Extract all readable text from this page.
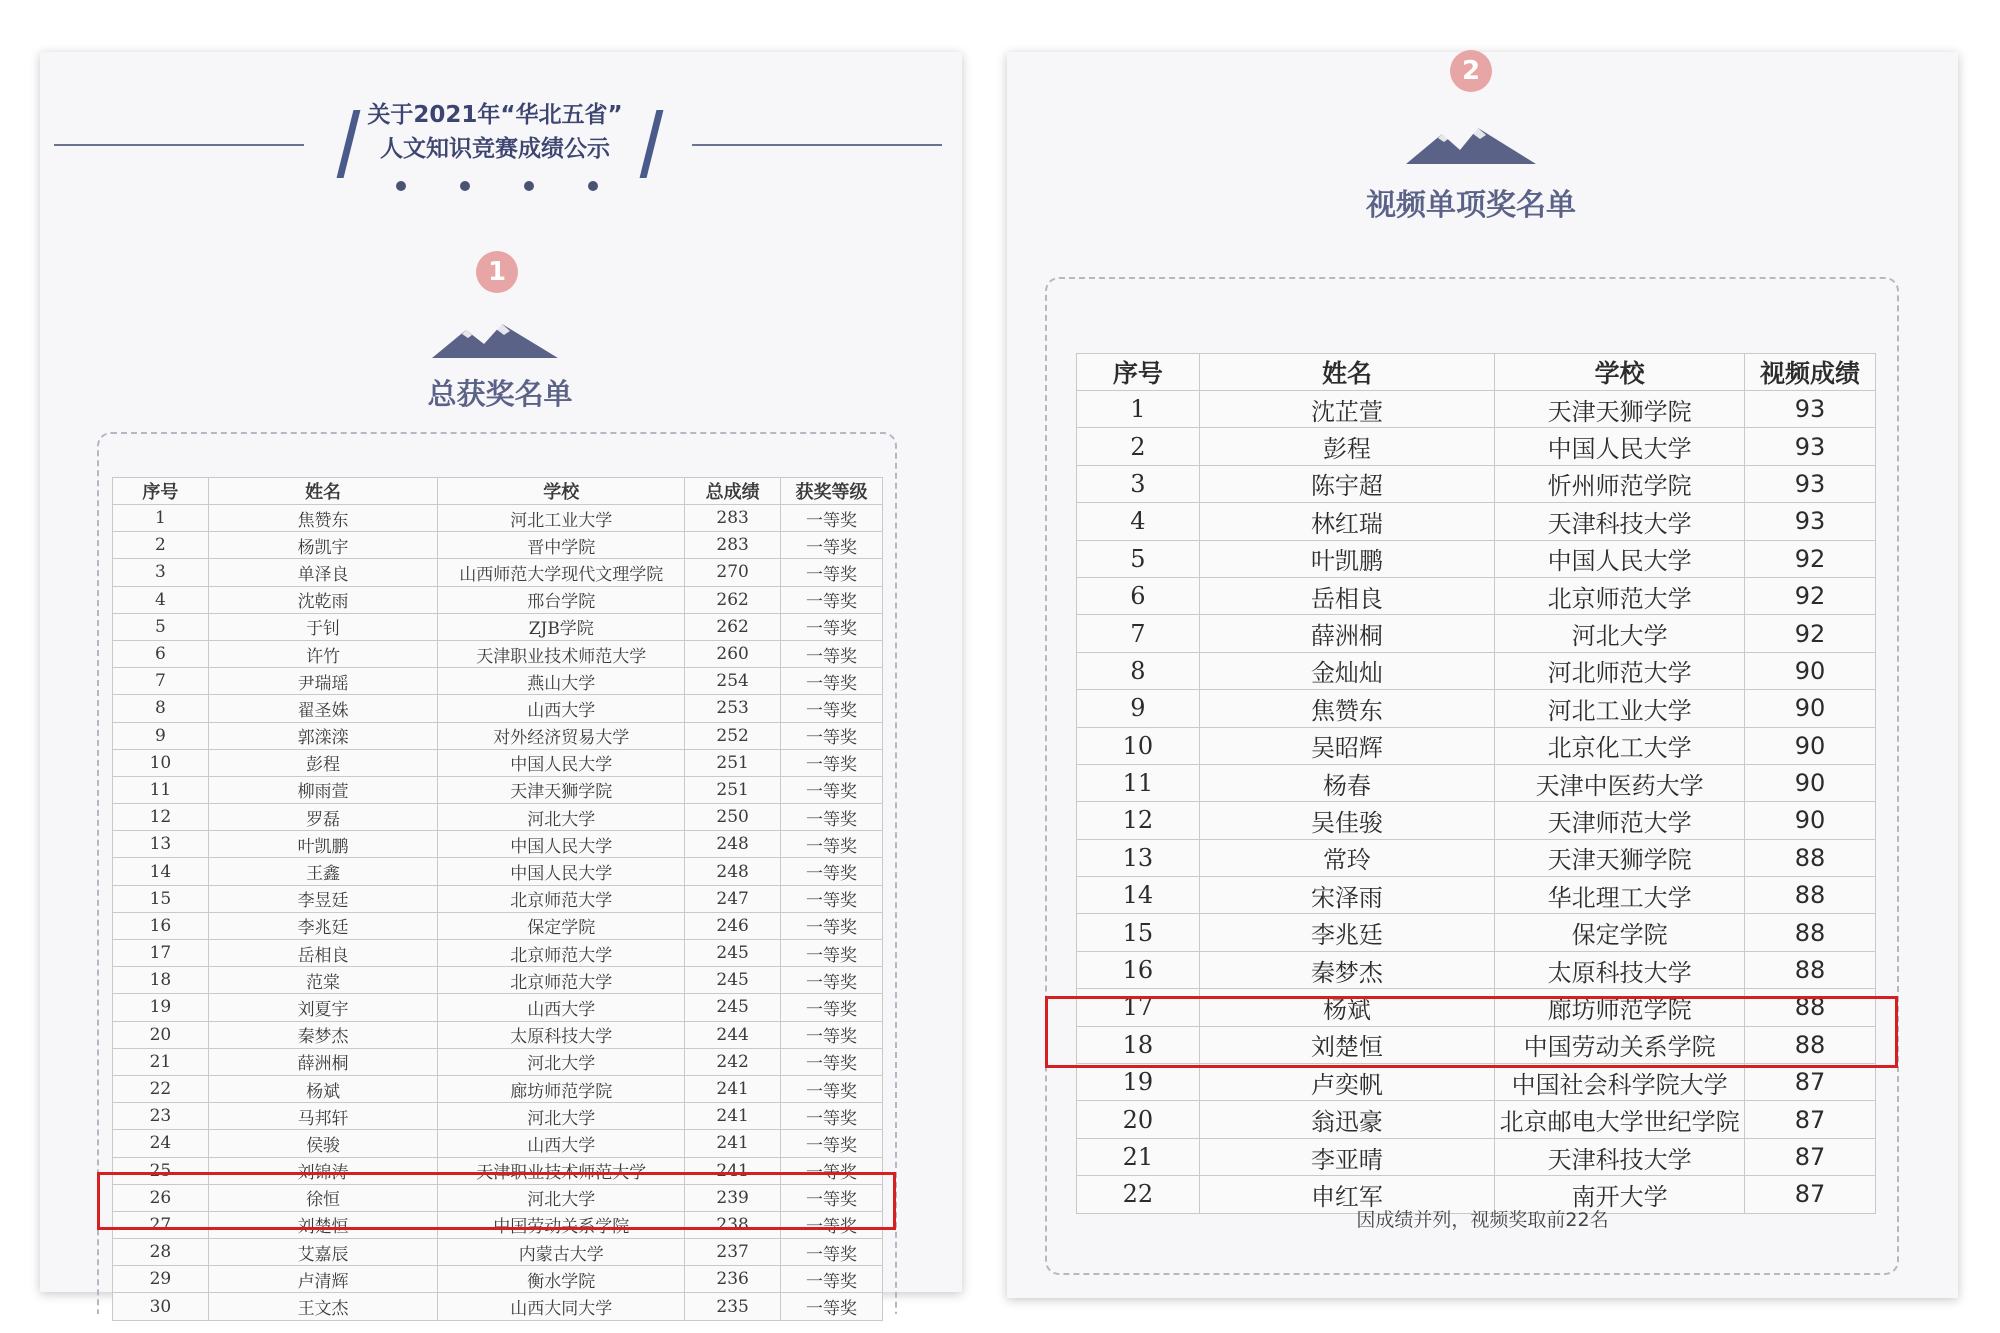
关于2021年“华北五省”
人文知识竞赛成绩公示
1
总获奖名单
序号	姓名	学校	总成绩	获奖等级
1	焦赞东	河北工业大学	283	一等奖
2	杨凯宇	晋中学院	283	一等奖
3	单泽良	山西师范大学现代文理学院	270	一等奖
4	沈乾雨	邢台学院	262	一等奖
5	于钊	ZJB学院	262	一等奖
6	许竹	天津职业技术师范大学	260	一等奖
7	尹瑞瑶	燕山大学	254	一等奖
8	翟圣姝	山西大学	253	一等奖
9	郭滦滦	对外经济贸易大学	252	一等奖
10	彭程	中国人民大学	251	一等奖
11	柳雨萱	天津天狮学院	251	一等奖
12	罗磊	河北大学	250	一等奖
13	叶凯鹏	中国人民大学	248	一等奖
14	王鑫	中国人民大学	248	一等奖
15	李昱廷	北京师范大学	247	一等奖
16	李兆廷	保定学院	246	一等奖
17	岳相良	北京师范大学	245	一等奖
18	范棠	北京师范大学	245	一等奖
19	刘夏宇	山西大学	245	一等奖
20	秦梦杰	太原科技大学	244	一等奖
21	薛洲桐	河北大学	242	一等奖
22	杨斌	廊坊师范学院	241	一等奖
23	马邦轩	河北大学	241	一等奖
24	侯骏	山西大学	241	一等奖
25	刘锦涛	天津职业技术师范大学	241	一等奖
26	徐恒	河北大学	239	一等奖
27	刘楚恒	中国劳动关系学院	238	一等奖
28	艾嘉辰	内蒙古大学	237	一等奖
29	卢清辉	衡水学院	236	一等奖
30	王文杰	山西大同大学	235	一等奖
2
视频单项奖名单
序号	姓名	学校	视频成绩
1	沈芷萱	天津天狮学院	93
2	彭程	中国人民大学	93
3	陈宇超	忻州师范学院	93
4	林红瑞	天津科技大学	93
5	叶凯鹏	中国人民大学	92
6	岳相良	北京师范大学	92
7	薛洲桐	河北大学	92
8	金灿灿	河北师范大学	90
9	焦赞东	河北工业大学	90
10	吴昭辉	北京化工大学	90
11	杨春	天津中医药大学	90
12	吴佳骏	天津师范大学	90
13	常玲	天津天狮学院	88
14	宋泽雨	华北理工大学	88
15	李兆廷	保定学院	88
16	秦梦杰	太原科技大学	88
17	杨斌	廊坊师范学院	88
18	刘楚恒	中国劳动关系学院	88
19	卢奕帆	中国社会科学院大学	87
20	翁迅豪	北京邮电大学世纪学院	87
21	李亚晴	天津科技大学	87
22	申红军	南开大学	87
因成绩并列，视频奖取前22名
